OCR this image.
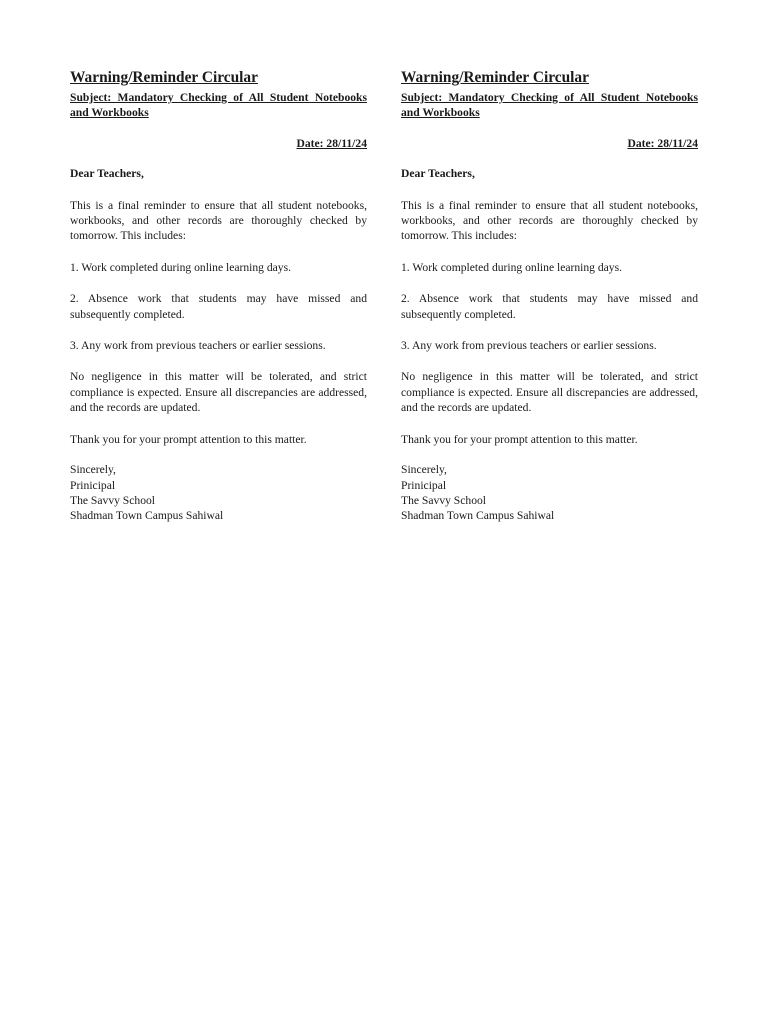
Warning/Reminder Circular
Subject: Mandatory Checking of All Student Notebooks and Workbooks
Date: 28/11/24
Dear Teachers,
This is a final reminder to ensure that all student notebooks, workbooks, and other records are thoroughly checked by tomorrow. This includes:
1. Work completed during online learning days.
2. Absence work that students may have missed and subsequently completed.
3. Any work from previous teachers or earlier sessions.
No negligence in this matter will be tolerated, and strict compliance is expected. Ensure all discrepancies are addressed, and the records are updated.
Thank you for your prompt attention to this matter.
Sincerely,
Prinicipal
The Savvy School
Shadman Town Campus Sahiwal
Warning/Reminder Circular
Subject: Mandatory Checking of All Student Notebooks and Workbooks
Date: 28/11/24
Dear Teachers,
This is a final reminder to ensure that all student notebooks, workbooks, and other records are thoroughly checked by tomorrow. This includes:
1. Work completed during online learning days.
2. Absence work that students may have missed and subsequently completed.
3. Any work from previous teachers or earlier sessions.
No negligence in this matter will be tolerated, and strict compliance is expected. Ensure all discrepancies are addressed, and the records are updated.
Thank you for your prompt attention to this matter.
Sincerely,
Prinicipal
The Savvy School
Shadman Town Campus Sahiwal
